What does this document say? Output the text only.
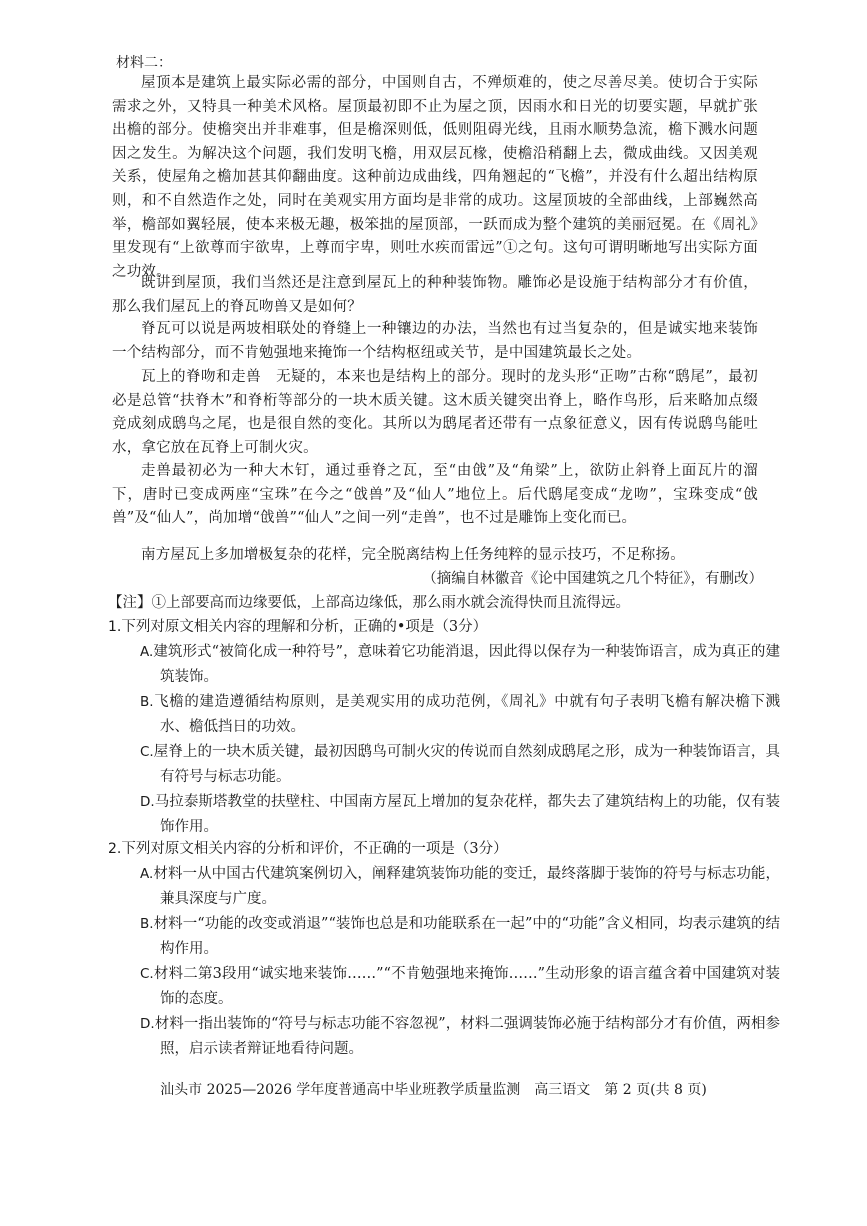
材料二：

屋顶本是建筑上最实际必需的部分，中国则自古，不殚烦难的，使之尽善尽美。使切合于实际需求之外，又特具一种美术风格。屋顶最初即不止为屋之顶，因雨水和日光的切要实题，早就扩张出檐的部分。使檐突出并非难事，但是檐深则低，低则阻碍光线，且雨水顺势急流，檐下溅水问题因之发生。为解决这个问题，我们发明飞檐，用双层瓦椽，使檐沿稍翻上去，微成曲线。又因美观关系，使屋角之檐加甚其仰翻曲度。这种前边成曲线，四角翘起的“飞檐”，并没有什么超出结构原则，和不自然造作之处，同时在美观实用方面均是非常的成功。这屋顶坡的全部曲线，上部巍然高举，檐部如翼轻展，使本来极无趣，极笨拙的屋顶部，一跃而成为整个建筑的美丽冠冕。在《周礼》里发现有“上欲尊而宇欲卑，上尊而宇卑，则吐水疾而雷远”①之句。这句可谓明晰地写出实际方面之功效。

既讲到屋顶，我们当然还是注意到屋瓦上的种种装饰物。雕饰必是设施于结构部分才有价值，那么我们屋瓦上的脊瓦吻兽又是如何？

脊瓦可以说是两坡相联处的脊缝上一种镶边的办法，当然也有过当复杂的，但是诚实地来装饰一个结构部分，而不肯勉强地来掩饰一个结构枢纽或关节，是中国建筑最长之处。

瓦上的脊吻和走兽　无疑的，本来也是结构上的部分。现时的龙头形“正吻”古称“鸱尾”，最初必是总管“扶脊木”和脊桁等部分的一块木质关键。这木质关键突出脊上，略作鸟形，后来略加点缀竞成刻成鸱鸟之尾，也是很自然的变化。其所以为鸱尾者还带有一点象征意义，因有传说鸱鸟能吐水，拿它放在瓦脊上可制火灾。

走兽最初必为一种大木钉，通过垂脊之瓦，至“由戗”及“角梁”上，欲防止斜脊上面瓦片的溜下，唐时已变成两座“宝珠”在今之“戗兽”及“仙人”地位上。后代鸱尾变成“龙吻”，宝珠变成“戗兽”及“仙人”，尚加增“戗兽”“仙人”之间一列“走兽”，也不过是雕饰上变化而已。

南方屋瓦上多加增极复杂的花样，完全脱离结构上任务纯粹的显示技巧，不足称扬。

（摘编自林徽音《论中国建筑之几个特征》，有删改）

【注】①上部要高而边缘要低，上部高边缘低，那么雨水就会流得快而且流得远。

1.下列对原文相关内容的理解和分析，正确的•项是（3分）

A.建筑形式“被简化成一种符号”，意味着它功能消退，因此得以保存为一种装饰语言，成为真正的建筑装饰。

B.飞檐的建造遵循结构原则，是美观实用的成功范例，《周礼》中就有句子表明飞檐有解决檐下溅水、檐低挡日的功效。

C.屋脊上的一块木质关键，最初因鸱鸟可制火灾的传说而自然刻成鸱尾之形，成为一种装饰语言，具有符号与标志功能。

D.马拉泰斯塔教堂的扶壁柱、中国南方屋瓦上增加的复杂花样，都失去了建筑结构上的功能，仅有装饰作用。

2.下列对原文相关内容的分析和评价，不正确的一项是（3分）

A.材料一从中国古代建筑案例切入，阐释建筑装饰功能的变迁，最终落脚于装饰的符号与标志功能，兼具深度与广度。

B.材料一“功能的改变或消退”“装饰也总是和功能联系在一起”中的“功能”含义相同，均表示建筑的结构作用。

C.材料二第3段用“诚实地来装饰……”“不肯勉强地来掩饰……”生动形象的语言蕴含着中国建筑对装饰的态度。

D.材料一指出装饰的“符号与标志功能不容忽视”，材料二强调装饰必施于结构部分才有价值，两相参照，启示读者辩证地看待问题。

汕头市 2025—2026 学年度普通高中毕业班教学质量监测　高三语文　第 2 页(共 8 页)
